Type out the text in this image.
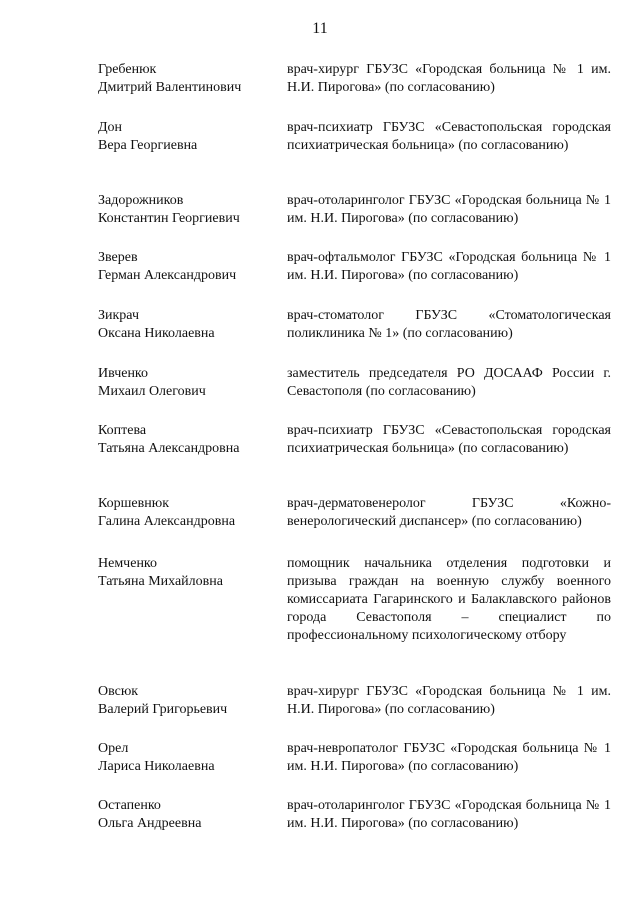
11
Гребенюк
Дмитрий Валентинович
врач-хирург ГБУЗС «Городская больница № 1 им. Н.И. Пирогова» (по согласованию)
Дон
Вера Георгиевна
врач-психиатр ГБУЗС «Севастопольская городская психиатрическая больница» (по согласованию)
Задорожников
Константин Георгиевич
врач-отоларинголог ГБУЗС «Городская больница № 1 им. Н.И. Пирогова» (по согласованию)
Зверев
Герман Александрович
врач-офтальмолог ГБУЗС «Городская больница № 1 им. Н.И. Пирогова» (по согласованию)
Зикрач
Оксана Николаевна
врач-стоматолог ГБУЗС «Стоматологическая поликлиника № 1» (по согласованию)
Ивченко
Михаил Олегович
заместитель председателя РО ДОСААФ России г. Севастополя (по согласованию)
Коптева
Татьяна Александровна
врач-психиатр ГБУЗС «Севастопольская городская психиатрическая больница» (по согласованию)
Коршевнюк
Галина Александровна
врач-дерматовенеролог ГБУЗС «Кожно-венерологический диспансер» (по согласованию)
Немченко
Татьяна Михайловна
помощник начальника отделения подготовки и призыва граждан на военную службу военного комиссариата Гагаринского и Балаклавского районов города Севастополя – специалист по профессиональному психологическому отбору
Овсюк
Валерий Григорьевич
врач-хирург ГБУЗС «Городская больница № 1 им. Н.И. Пирогова» (по согласованию)
Орел
Лариса Николаевна
врач-невропатолог ГБУЗС «Городская больница № 1 им. Н.И. Пирогова» (по согласованию)
Остапенко
Ольга Андреевна
врач-отоларинголог ГБУЗС «Городская больница № 1 им. Н.И. Пирогова» (по согласованию)
